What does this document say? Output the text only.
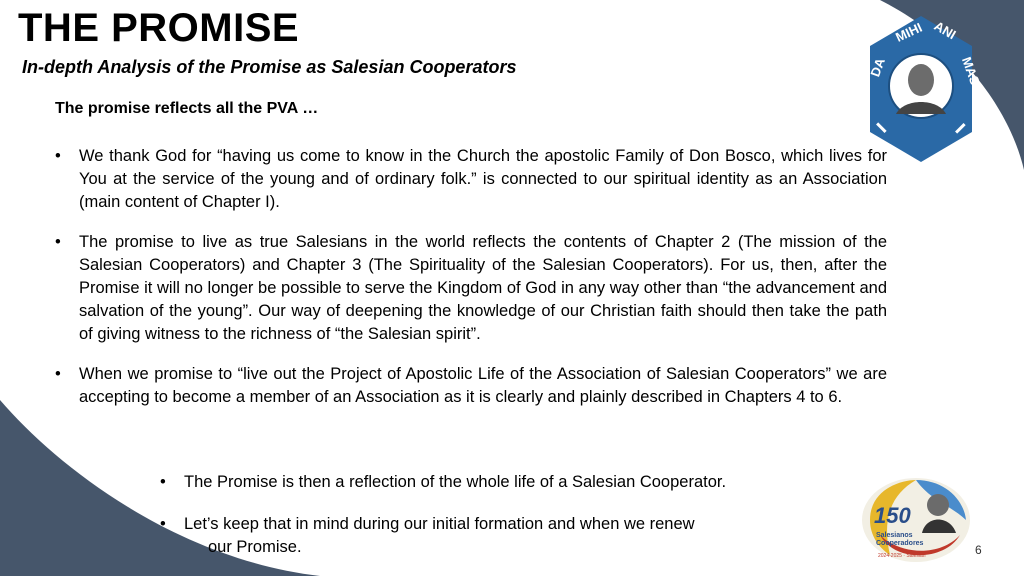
THE PROMISE
In-depth Analysis of the Promise as Salesian Cooperators
The promise reflects all the PVA …
• We thank God for “having us come to know in the Church the apostolic Family of Don Bosco, which lives for You at the service of the young and of ordinary folk.” is connected to our spiritual identity as an Association (main content of Chapter I).
• The promise to live as true Salesians in the world reflects the contents of Chapter 2 (The mission of the Salesian Cooperators) and Chapter 3 (The Spirituality of the Salesian Cooperators). For us, then, after the Promise it will no longer be possible to serve the Kingdom of God in any way other than “the advancement and salvation of the young”. Our way of deepening the knowledge of our Christian faith should then take the path of giving witness to the richness of “the Salesian spirit”.
• When we promise to “live out the Project of Apostolic Life of the Association of Salesian Cooperators” we are accepting to become a member of an Association as it is clearly and plainly described in Chapters 4 to 6.
• The Promise is then a reflection of the whole life of a Salesian Cooperator.
• Let’s keep that in mind during our initial formation and when we renew
our Promise.
DA
MIHI ANI
MAS
150
Salesianos
Cooperadores
2024-2025 · Salesian	6
